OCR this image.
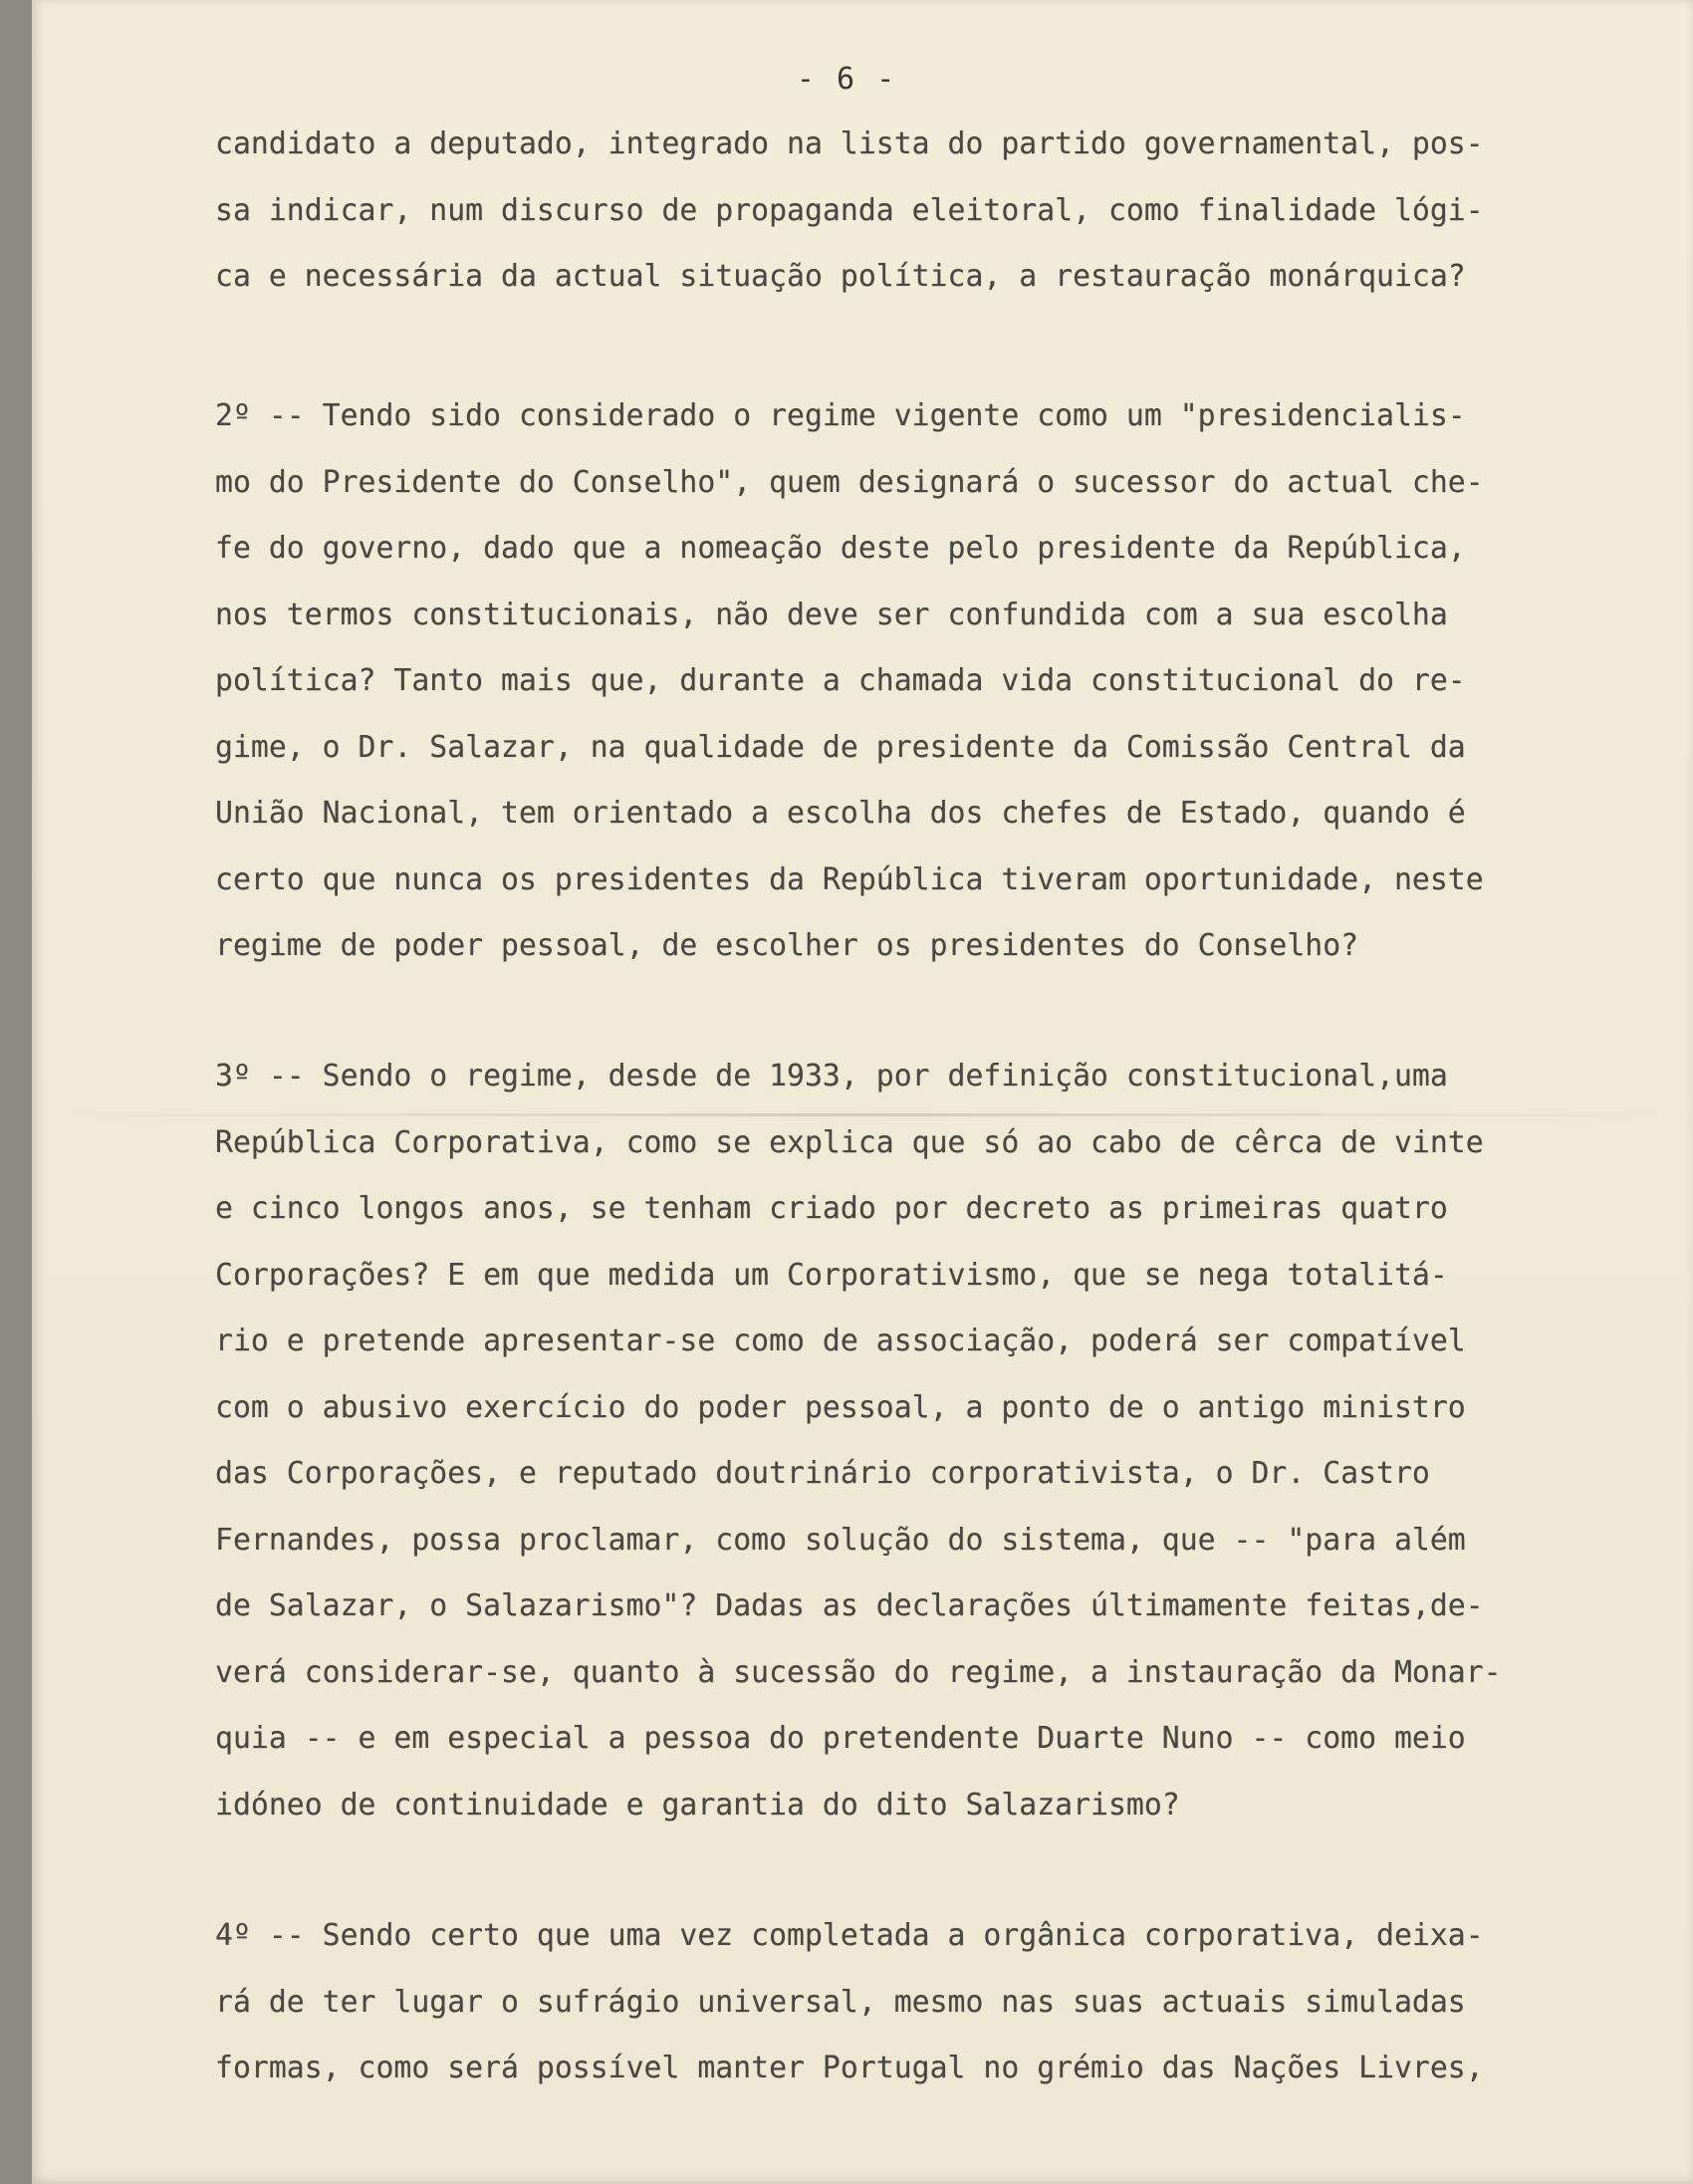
- 6 -
candidato a deputado, integrado na lista do partido governamental, pos-
sa indicar, num discurso de propaganda eleitoral, como finalidade lógi-
ca e necessária da actual situação política, a restauração monárquica?
2º -- Tendo sido considerado o regime vigente como um "presidencialis-
mo do Presidente do Conselho", quem designará o sucessor do actual che-
fe do governo, dado que a nomeação deste pelo presidente da República,
nos termos constitucionais, não deve ser confundida com a sua escolha
política? Tanto mais que, durante a chamada vida constitucional do re-
gime, o Dr. Salazar, na qualidade de presidente da Comissão Central da
União Nacional, tem orientado a escolha dos chefes de Estado, quando é
certo que nunca os presidentes da República tiveram oportunidade, neste
regime de poder pessoal, de escolher os presidentes do Conselho?
3º -- Sendo o regime, desde de 1933, por definição constitucional,uma
República Corporativa, como se explica que só ao cabo de cêrca de vinte
e cinco longos anos, se tenham criado por decreto as primeiras quatro
Corporações? E em que medida um Corporativismo, que se nega totalitá-
rio e pretende apresentar-se como de associação, poderá ser compatível
com o abusivo exercício do poder pessoal, a ponto de o antigo ministro
das Corporações, e reputado doutrinário corporativista, o Dr. Castro
Fernandes, possa proclamar, como solução do sistema, que -- "para além
de Salazar, o Salazarismo"? Dadas as declarações últimamente feitas,de-
verá considerar-se, quanto à sucessão do regime, a instauração da Monar-
quia -- e em especial a pessoa do pretendente Duarte Nuno -- como meio
idóneo de continuidade e garantia do dito Salazarismo?
4º -- Sendo certo que uma vez completada a orgânica corporativa, deixa-
rá de ter lugar o sufrágio universal, mesmo nas suas actuais simuladas
formas, como será possível manter Portugal no grémio das Nações Livres,
